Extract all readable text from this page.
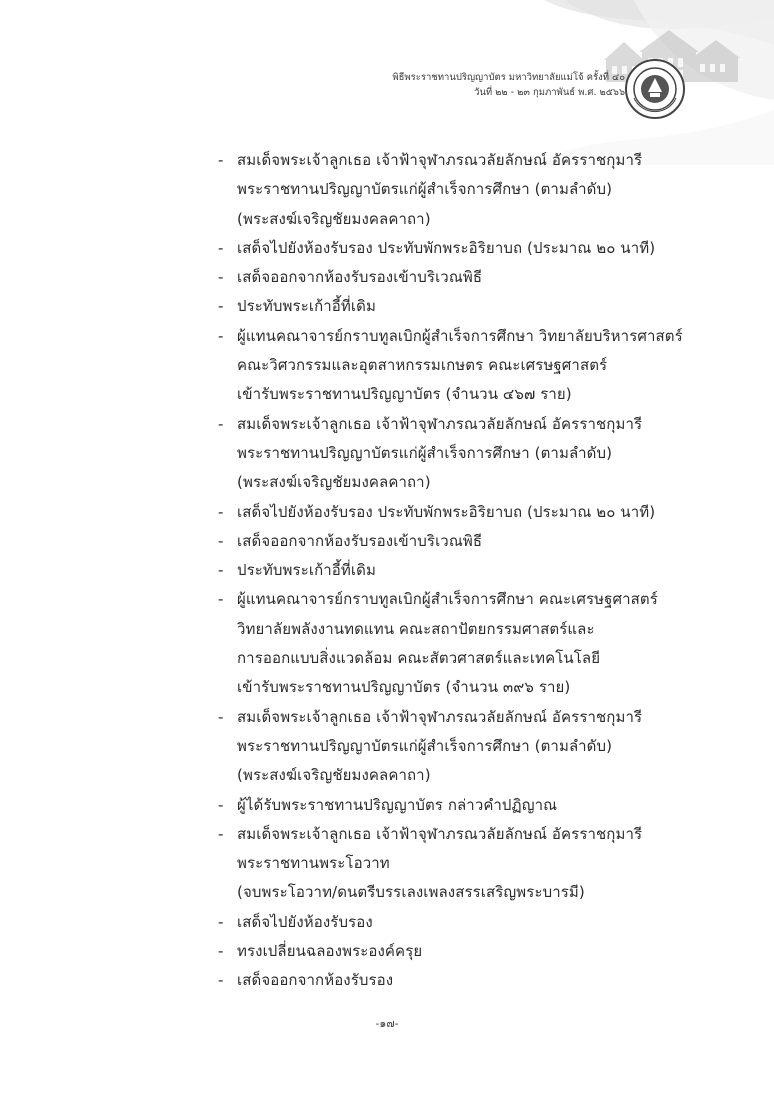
พิธีพระราชทานปริญญาบัตร มหาวิทยาลัยแม่โจ้ ครั้งที่ ๔๐
วันที่ ๒๒ - ๒๓ กุมภาพันธ์ พ.ศ. ๒๕๖๖
- สมเด็จพระเจ้าลูกเธอ เจ้าฟ้าจุฬาภรณวลัยลักษณ์ อัครราชกุมารี
พระราชทานปริญญาบัตรแก่ผู้สำเร็จการศึกษา (ตามลำดับ)
(พระสงฆ์เจริญชัยมงคลคาถา)
- เสด็จไปยังห้องรับรอง ประทับพักพระอิริยาบถ (ประมาณ ๒๐ นาที)
- เสด็จออกจากห้องรับรองเข้าบริเวณพิธี
- ประทับพระเก้าอี้ที่เดิม
- ผู้แทนคณาจารย์กราบทูลเบิกผู้สำเร็จการศึกษา วิทยาลัยบริหารศาสตร์
คณะวิศวกรรมและอุตสาหกรรมเกษตร คณะเศรษฐศาสตร์
เข้ารับพระราชทานปริญญาบัตร (จำนวน ๔๖๗ ราย)
- สมเด็จพระเจ้าลูกเธอ เจ้าฟ้าจุฬาภรณวลัยลักษณ์ อัครราชกุมารี
พระราชทานปริญญาบัตรแก่ผู้สำเร็จการศึกษา (ตามลำดับ)
(พระสงฆ์เจริญชัยมงคลคาถา)
- เสด็จไปยังห้องรับรอง ประทับพักพระอิริยาบถ (ประมาณ ๒๐ นาที)
- เสด็จออกจากห้องรับรองเข้าบริเวณพิธี
- ประทับพระเก้าอี้ที่เดิม
- ผู้แทนคณาจารย์กราบทูลเบิกผู้สำเร็จการศึกษา คณะเศรษฐศาสตร์
วิทยาลัยพลังงานทดแทน คณะสถาปัตยกรรมศาสตร์และ
การออกแบบสิ่งแวดล้อม คณะสัตวศาสตร์และเทคโนโลยี
เข้ารับพระราชทานปริญญาบัตร (จำนวน ๓๙๖ ราย)
- สมเด็จพระเจ้าลูกเธอ เจ้าฟ้าจุฬาภรณวลัยลักษณ์ อัครราชกุมารี
พระราชทานปริญญาบัตรแก่ผู้สำเร็จการศึกษา (ตามลำดับ)
(พระสงฆ์เจริญชัยมงคลคาถา)
- ผู้ได้รับพระราชทานปริญญาบัตร กล่าวคำปฏิญาณ
- สมเด็จพระเจ้าลูกเธอ เจ้าฟ้าจุฬาภรณวลัยลักษณ์ อัครราชกุมารี
พระราชทานพระโอวาท
(จบพระโอวาท/ดนตรีบรรเลงเพลงสรรเสริญพระบารมี)
- เสด็จไปยังห้องรับรอง
- ทรงเปลี่ยนฉลองพระองค์ครุย
- เสด็จออกจากห้องรับรอง
-๑๗-
